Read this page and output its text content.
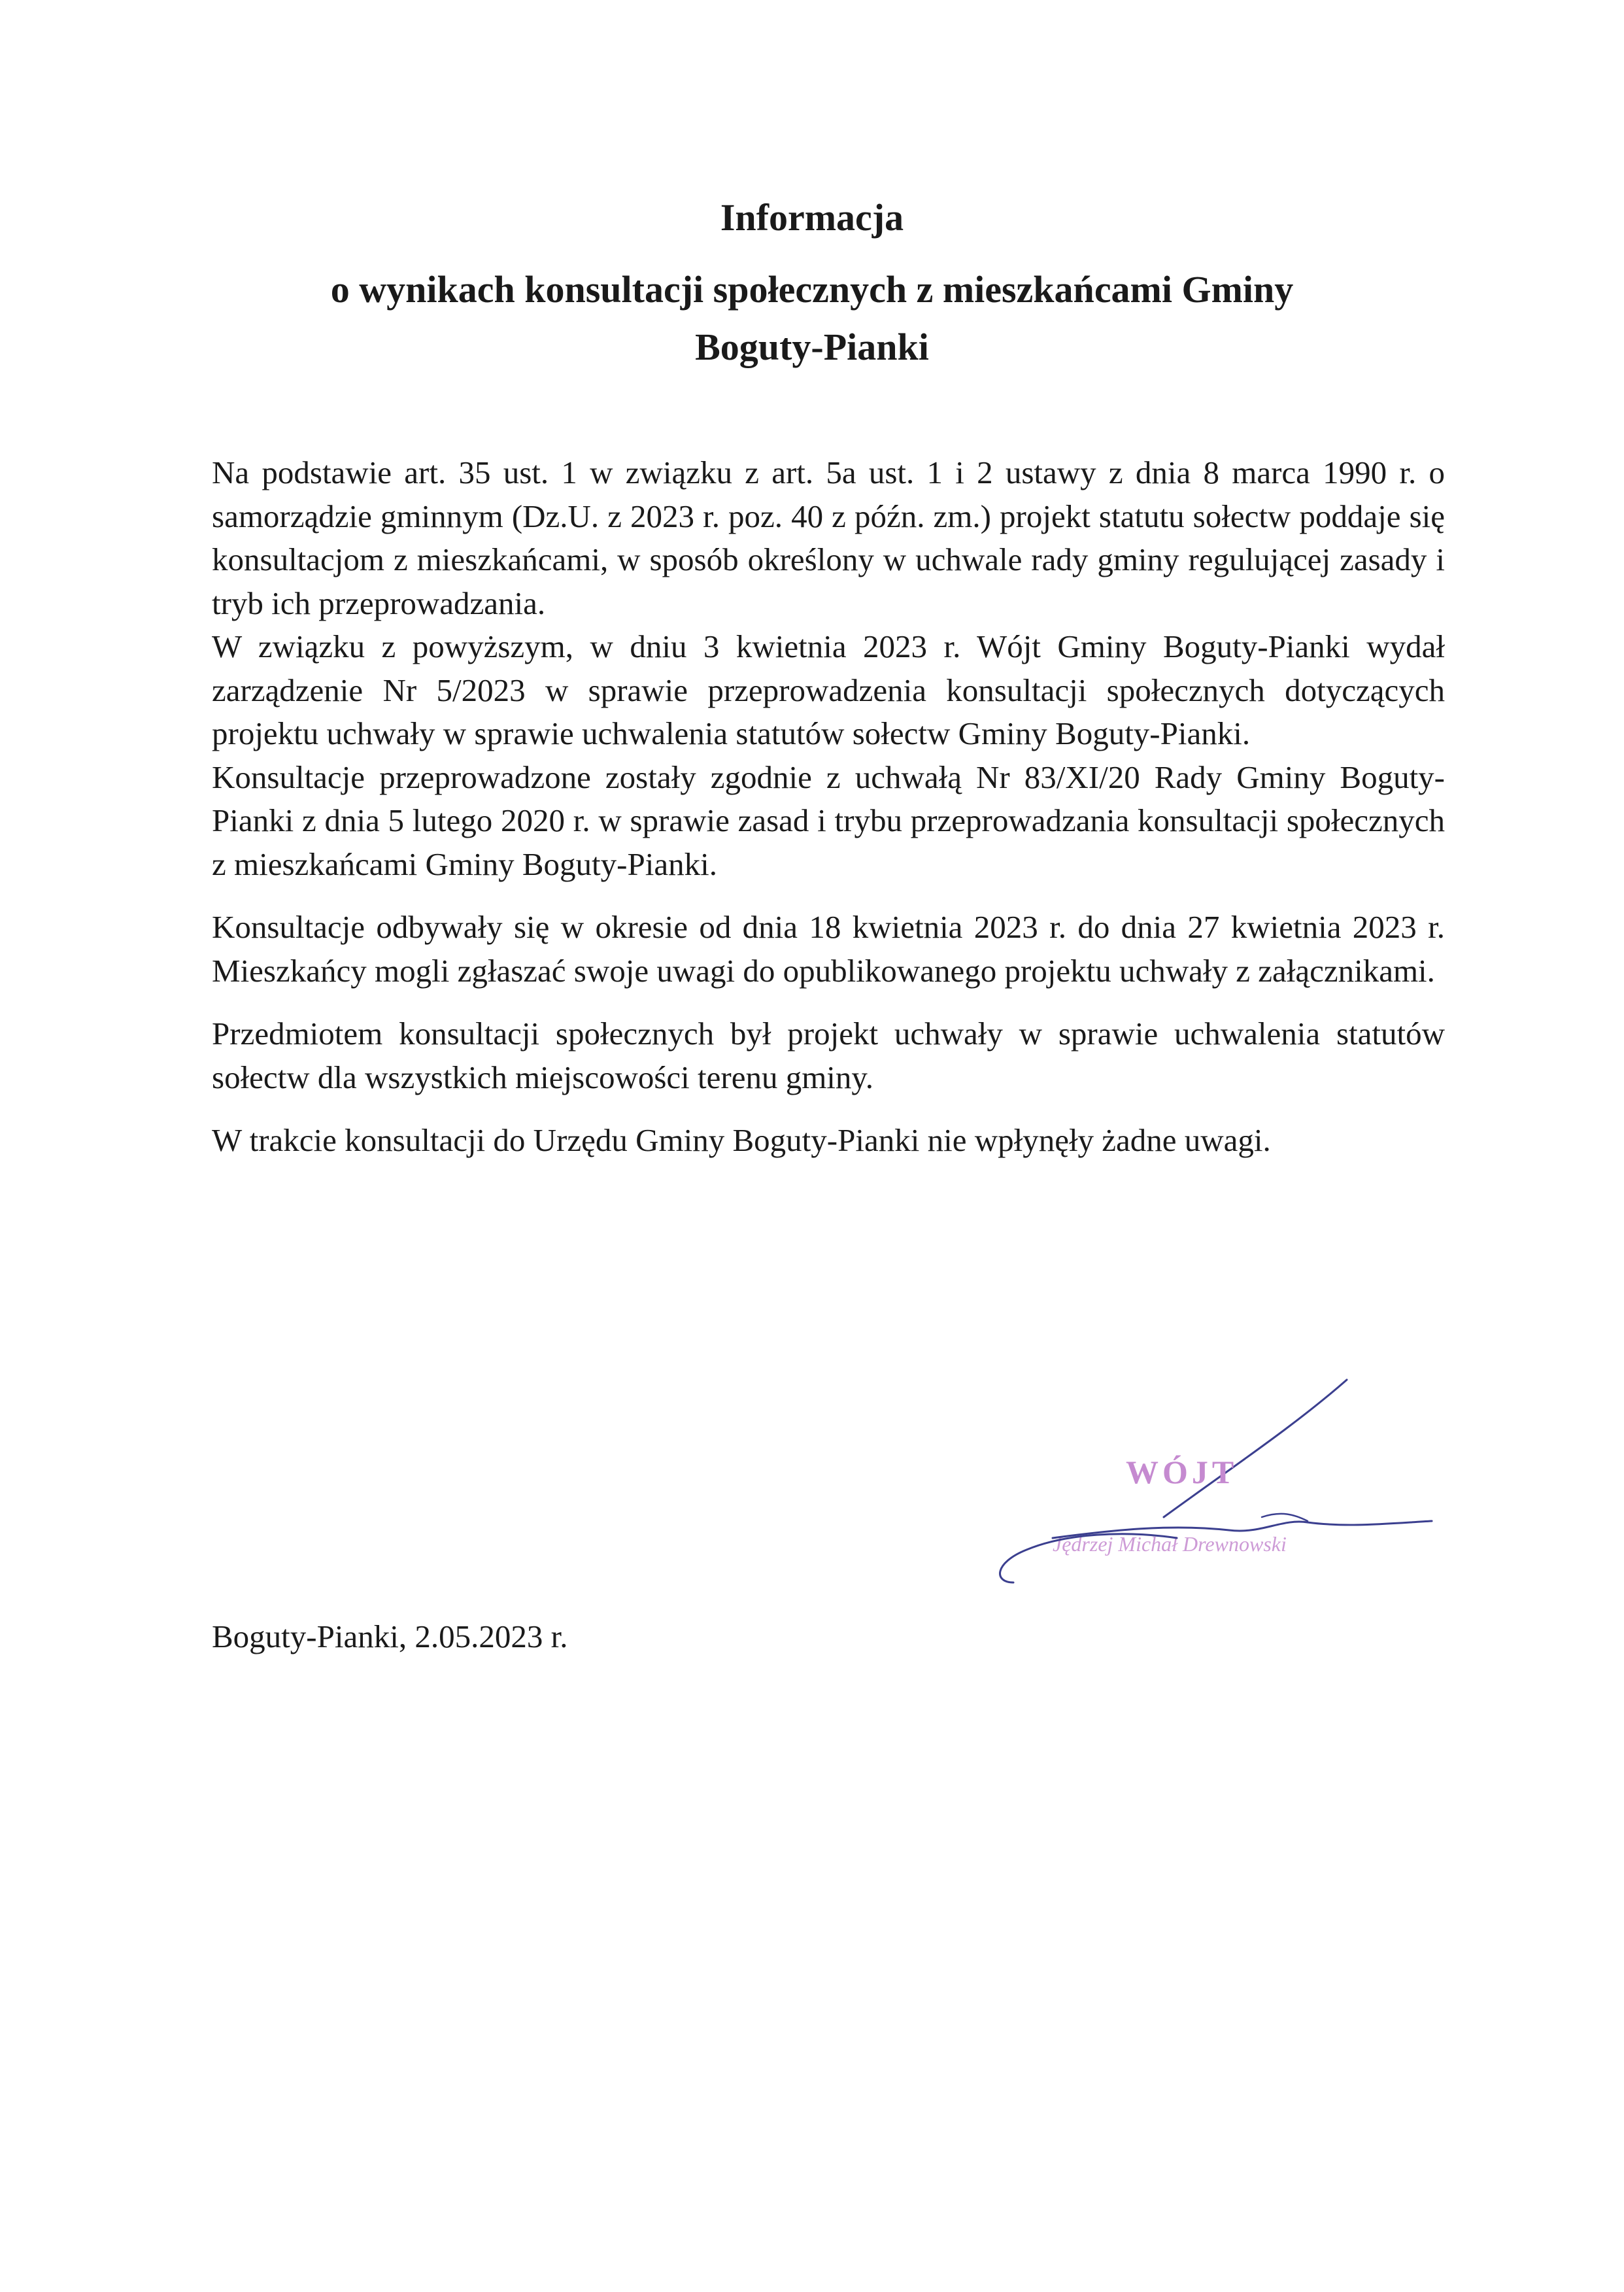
Informacja
o wynikach konsultacji społecznych z mieszkańcami Gminy
Boguty-Pianki

Na podstawie art. 35 ust. 1 w związku z art. 5a ust. 1 i 2 ustawy z dnia 8 marca 1990 r. o samorządzie gminnym (Dz.U. z 2023 r. poz. 40 z późn. zm.) projekt statutu sołectw poddaje się konsultacjom z mieszkańcami, w sposób określony w uchwale rady gminy regulującej zasady i tryb ich przeprowadzania.

W związku z powyższym, w dniu 3 kwietnia 2023 r. Wójt Gminy Boguty-Pianki wydał zarządzenie Nr 5/2023 w sprawie przeprowadzenia konsultacji społecznych dotyczących projektu uchwały w sprawie uchwalenia statutów sołectw Gminy Boguty-Pianki.

Konsultacje przeprowadzone zostały zgodnie z uchwałą Nr 83/XI/20 Rady Gminy Boguty-Pianki z dnia 5 lutego 2020 r. w sprawie zasad i trybu przeprowadzania konsultacji społecznych z mieszkańcami Gminy Boguty-Pianki.

Konsultacje odbywały się w okresie od dnia 18 kwietnia 2023 r. do dnia 27 kwietnia 2023 r. Mieszkańcy mogli zgłaszać swoje uwagi do opublikowanego projektu uchwały z załącznikami.

Przedmiotem konsultacji społecznych był projekt uchwały w sprawie uchwalenia statutów sołectw dla wszystkich miejscowości terenu gminy.

W trakcie konsultacji do Urzędu Gminy Boguty-Pianki nie wpłynęły żadne uwagi.

WÓJT
Jędrzej Michał Drewnowski
Boguty-Pianki, 2.05.2023 r.
